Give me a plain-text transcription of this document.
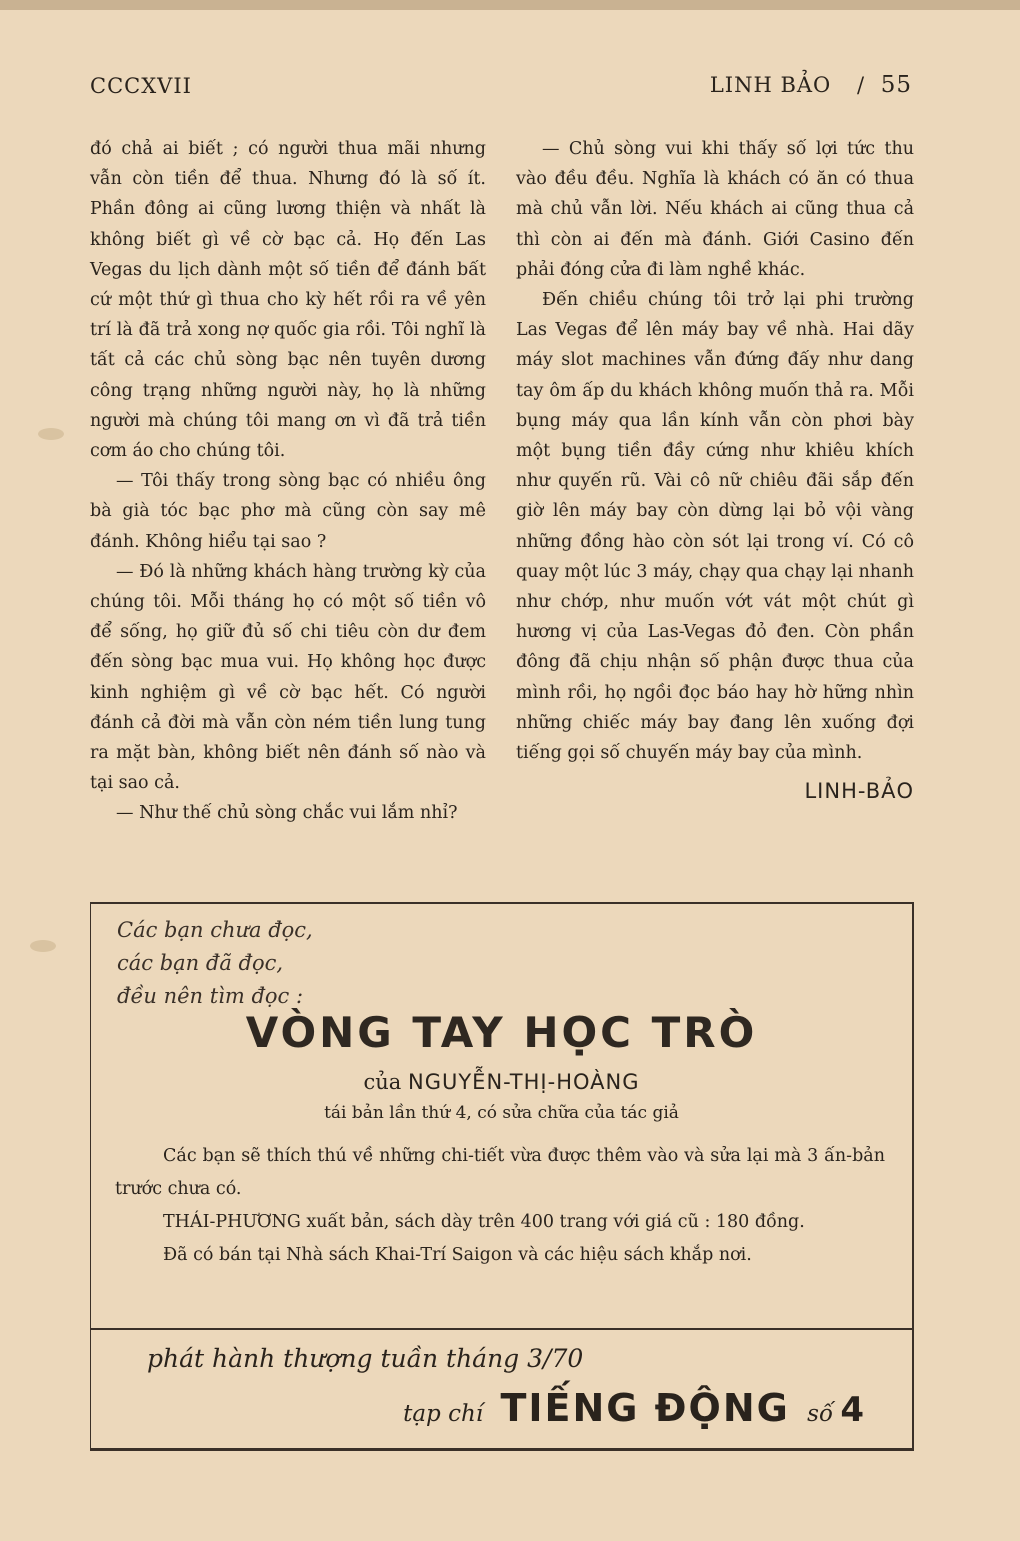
CCCXVII	LINH BẢO / 55

đó chả ai biết ; có người thua mãi nhưng vẫn còn tiền để thua. Nhưng đó là số ít. Phần đông ai cũng lương thiện và nhất là không biết gì về cờ bạc cả. Họ đến Las Vegas du lịch dành một số tiền để đánh bất cứ một thứ gì thua cho kỳ hết rồi ra về yên trí là đã trả xong nợ quốc gia rồi. Tôi nghĩ là tất cả các chủ sòng bạc nên tuyên dương công trạng những người này, họ là những người mà chúng tôi mang ơn vì đã trả tiền cơm áo cho chúng tôi.

— Tôi thấy trong sòng bạc có nhiều ông bà già tóc bạc phơ mà cũng còn say mê đánh. Không hiểu tại sao ?

— Đó là những khách hàng trường kỳ của chúng tôi. Mỗi tháng họ có một số tiền vô để sống, họ giữ đủ số chi tiêu còn dư đem đến sòng bạc mua vui. Họ không học được kinh nghiệm gì về cờ bạc hết. Có người đánh cả đời mà vẫn còn ném tiền lung tung ra mặt bàn, không biết nên đánh số nào và tại sao cả.

— Như thế chủ sòng chắc vui lắm nhỉ?

— Chủ sòng vui khi thấy số lợi tức thu vào đều đều. Nghĩa là khách có ăn có thua mà chủ vẫn lời. Nếu khách ai cũng thua cả thì còn ai đến mà đánh. Giới Casino đến phải đóng cửa đi làm nghề khác.

Đến chiều chúng tôi trở lại phi trường Las Vegas để lên máy bay về nhà. Hai dãy máy slot machines vẫn đứng đấy như dang tay ôm ấp du khách không muốn thả ra. Mỗi bụng máy qua lần kính vẫn còn phơi bày một bụng tiền đầy cứng như khiêu khích như quyến rũ. Vài cô nữ chiêu đãi sắp đến giờ lên máy bay còn dừng lại bỏ vội vàng những đồng hào còn sót lại trong ví. Có cô quay một lúc 3 máy, chạy qua chạy lại nhanh như chớp, như muốn vớt vát một chút gì hương vị của Las-Vegas đỏ đen. Còn phần đông đã chịu nhận số phận được thua của mình rồi, họ ngồi đọc báo hay hờ hững nhìn những chiếc máy bay đang lên xuống đợi tiếng gọi số chuyến máy bay của mình.

LINH-BẢO
Các bạn chưa đọc,
các bạn đã đọc,
đều nên tìm đọc :
VÒNG TAY HỌC TRÒ
của NGUYỄN-THỊ-HOÀNG
tái bản lần thứ 4, có sửa chữa của tác giả

Các bạn sẽ thích thú về những chi-tiết vừa được thêm vào và sửa lại mà 3 ấn-bản trước chưa có.

THÁI-PHƯƠNG xuất bản, sách dày trên 400 trang với giá cũ : 180 đồng.

Đã có bán tại Nhà sách Khai-Trí Saigon và các hiệu sách khắp nơi.

phát hành thượng tuần tháng 3/70
tạp chí TIẾNG ĐỘNG số 4
